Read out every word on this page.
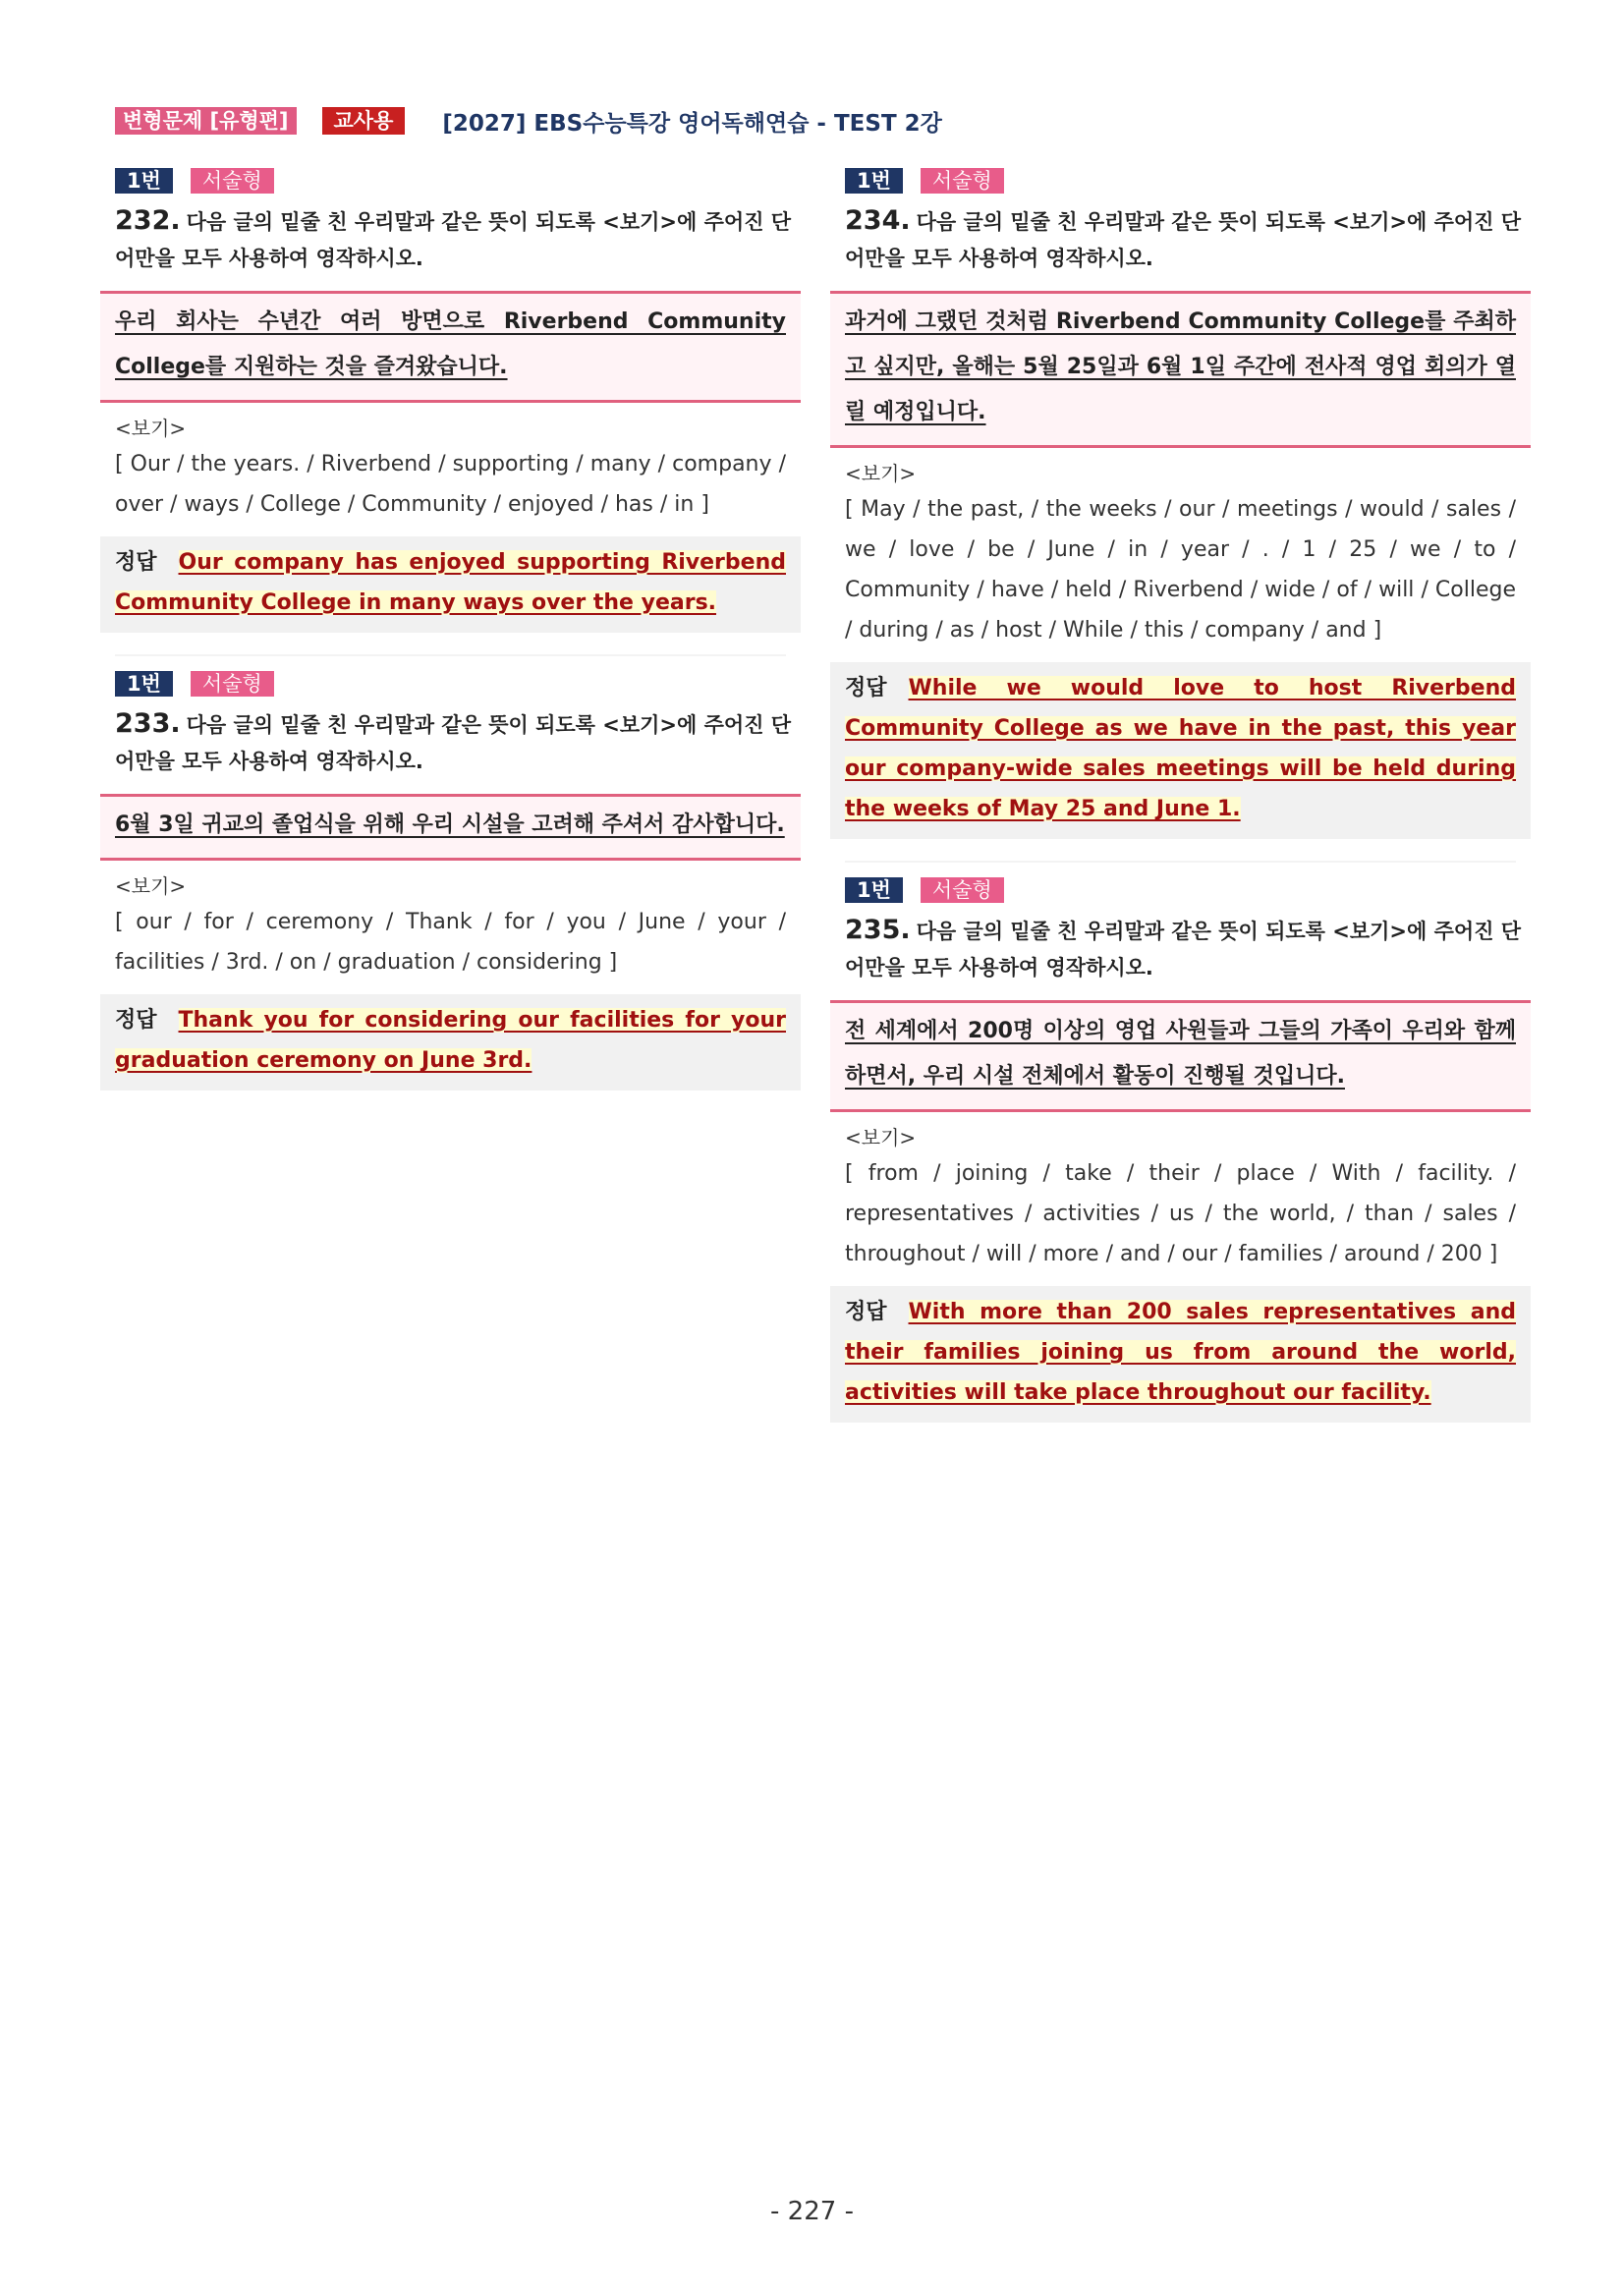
변형문제 [유형편]	교사용	[2027] EBS수능특강 영어독해연습 - TEST 2강
1번	서술형
232. 다음 글의 밑줄 친 우리말과 같은 뜻이 되도록 <보기>에 주어진 단어만을 모두 사용하여 영작하시오.
우리 회사는 수년간 여러 방면으로 Riverbend Community College를 지원하는 것을 즐겨왔습니다.
<보기>
[ Our / the years. / Riverbend / supporting / many / company / over / ways / College / Community / enjoyed / has / in ]
정답 Our company has enjoyed supporting Riverbend Community College in many ways over the years.
1번	서술형
233. 다음 글의 밑줄 친 우리말과 같은 뜻이 되도록 <보기>에 주어진 단어만을 모두 사용하여 영작하시오.
6월 3일 귀교의 졸업식을 위해 우리 시설을 고려해 주셔서 감사합니다.
<보기>
[ our / for / ceremony / Thank / for / you / June / your / facilities / 3rd. / on / graduation / considering ]
정답 Thank you for considering our facilities for your graduation ceremony on June 3rd.
1번	서술형
234. 다음 글의 밑줄 친 우리말과 같은 뜻이 되도록 <보기>에 주어진 단어만을 모두 사용하여 영작하시오.
과거에 그랬던 것처럼 Riverbend Community College를 주최하고 싶지만, 올해는 5월 25일과 6월 1일 주간에 전사적 영업 회의가 열릴 예정입니다.
<보기>
[ May / the past, / the weeks / our / meetings / would / sales / we / love / be / June / in / year / . / 1 / 25 / we / to / Community / have / held / Riverbend / wide / of / will / College / during / as / host / While / this / company / and ]
정답 While we would love to host Riverbend Community College as we have in the past, this year our company-wide sales meetings will be held during the weeks of May 25 and June 1.
1번	서술형
235. 다음 글의 밑줄 친 우리말과 같은 뜻이 되도록 <보기>에 주어진 단어만을 모두 사용하여 영작하시오.
전 세계에서 200명 이상의 영업 사원들과 그들의 가족이 우리와 함께하면서, 우리 시설 전체에서 활동이 진행될 것입니다.
<보기>
[ from / joining / take / their / place / With / facility. / representatives / activities / us / the world, / than / sales / throughout / will / more / and / our / families / around / 200 ]
정답 With more than 200 sales representatives and their families joining us from around the world, activities will take place throughout our facility.
- 227 -
